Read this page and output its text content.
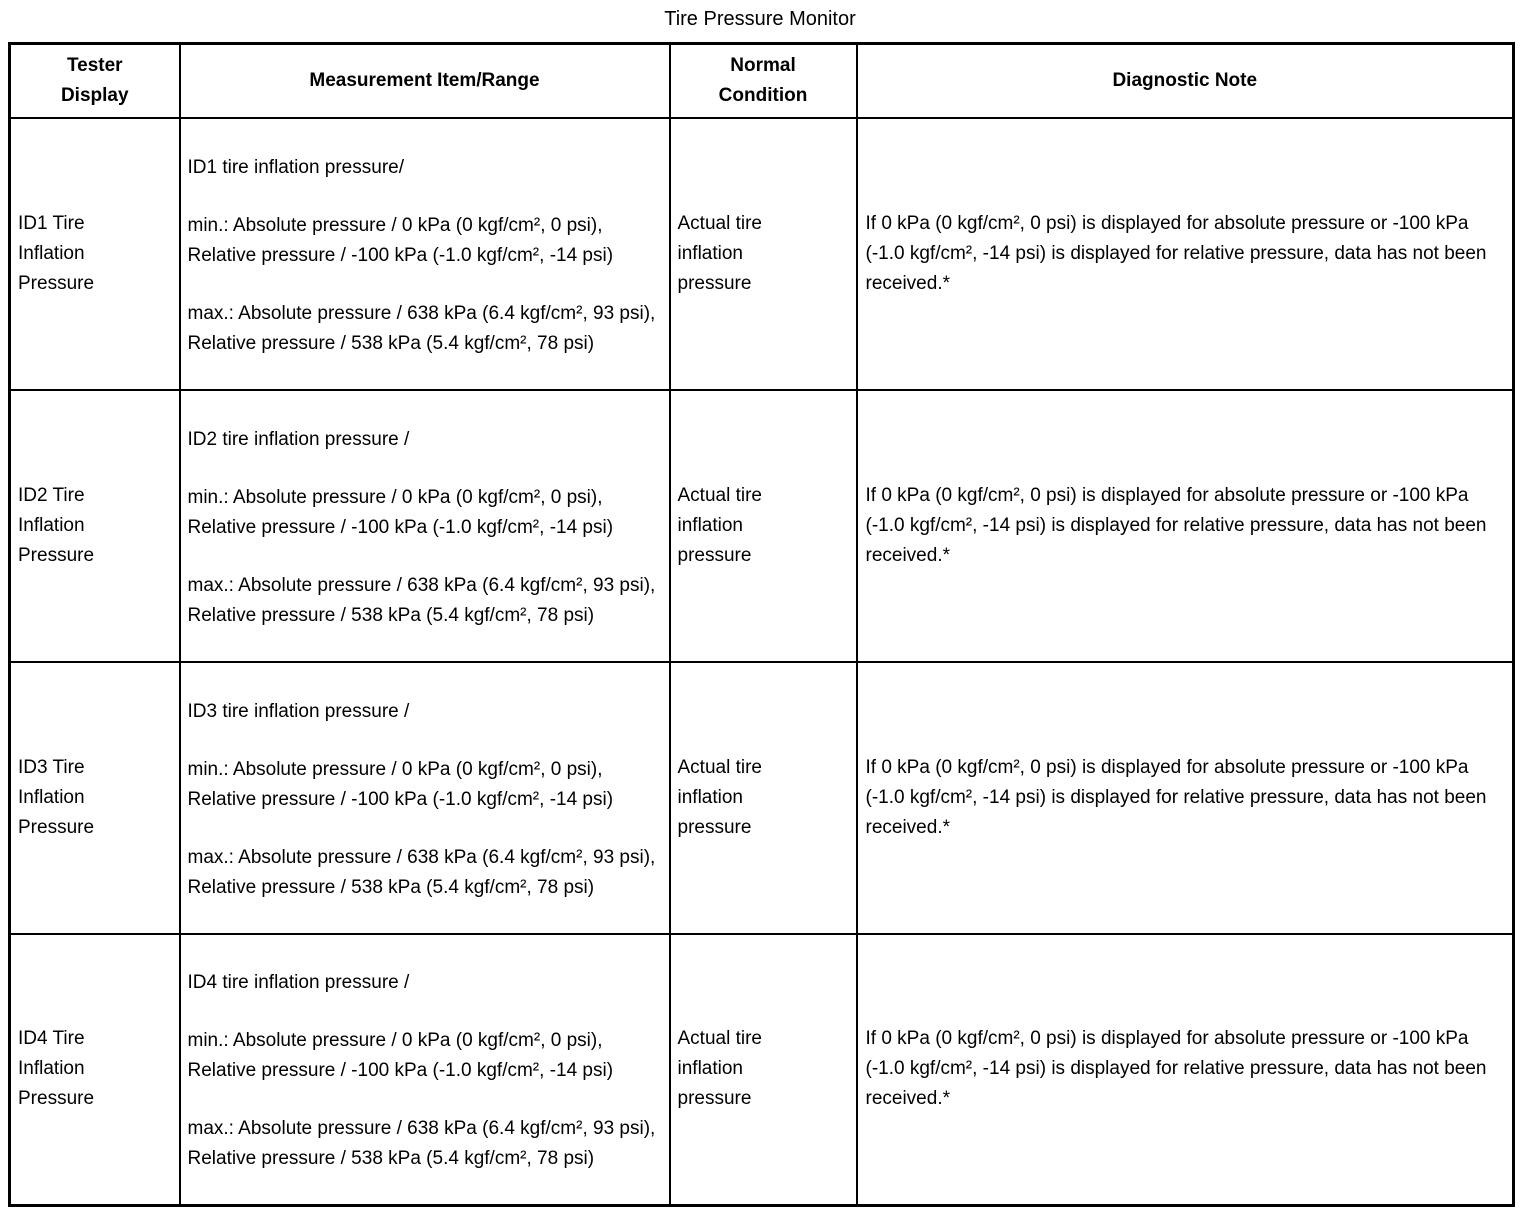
Tire Pressure Monitor
Tester Display	Measurement Item/Range	Normal Condition	Diagnostic Note
ID1 Tire Inflation Pressure	ID1 tire inflation pressure/

min.: Absolute pressure / 0 kPa (0 kgf/cm², 0 psi), Relative pressure / -100 kPa (-1.0 kgf/cm², -14 psi)

max.: Absolute pressure / 638 kPa (6.4 kgf/cm², 93 psi), Relative pressure / 538 kPa (5.4 kgf/cm², 78 psi)	Actual tire inflation pressure	If 0 kPa (0 kgf/cm², 0 psi) is displayed for absolute pressure or -100 kPa (-1.0 kgf/cm², -14 psi) is displayed for relative pressure, data has not been received.*
ID2 Tire Inflation Pressure	ID2 tire inflation pressure /

min.: Absolute pressure / 0 kPa (0 kgf/cm², 0 psi), Relative pressure / -100 kPa (-1.0 kgf/cm², -14 psi)

max.: Absolute pressure / 638 kPa (6.4 kgf/cm², 93 psi), Relative pressure / 538 kPa (5.4 kgf/cm², 78 psi)	Actual tire inflation pressure	If 0 kPa (0 kgf/cm², 0 psi) is displayed for absolute pressure or -100 kPa (-1.0 kgf/cm², -14 psi) is displayed for relative pressure, data has not been received.*
ID3 Tire Inflation Pressure	ID3 tire inflation pressure /

min.: Absolute pressure / 0 kPa (0 kgf/cm², 0 psi), Relative pressure / -100 kPa (-1.0 kgf/cm², -14 psi)

max.: Absolute pressure / 638 kPa (6.4 kgf/cm², 93 psi), Relative pressure / 538 kPa (5.4 kgf/cm², 78 psi)	Actual tire inflation pressure	If 0 kPa (0 kgf/cm², 0 psi) is displayed for absolute pressure or -100 kPa (-1.0 kgf/cm², -14 psi) is displayed for relative pressure, data has not been received.*
ID4 Tire Inflation Pressure	ID4 tire inflation pressure /

min.: Absolute pressure / 0 kPa (0 kgf/cm², 0 psi), Relative pressure / -100 kPa (-1.0 kgf/cm², -14 psi)

max.: Absolute pressure / 638 kPa (6.4 kgf/cm², 93 psi), Relative pressure / 538 kPa (5.4 kgf/cm², 78 psi)	Actual tire inflation pressure	If 0 kPa (0 kgf/cm², 0 psi) is displayed for absolute pressure or -100 kPa (-1.0 kgf/cm², -14 psi) is displayed for relative pressure, data has not been received.*
